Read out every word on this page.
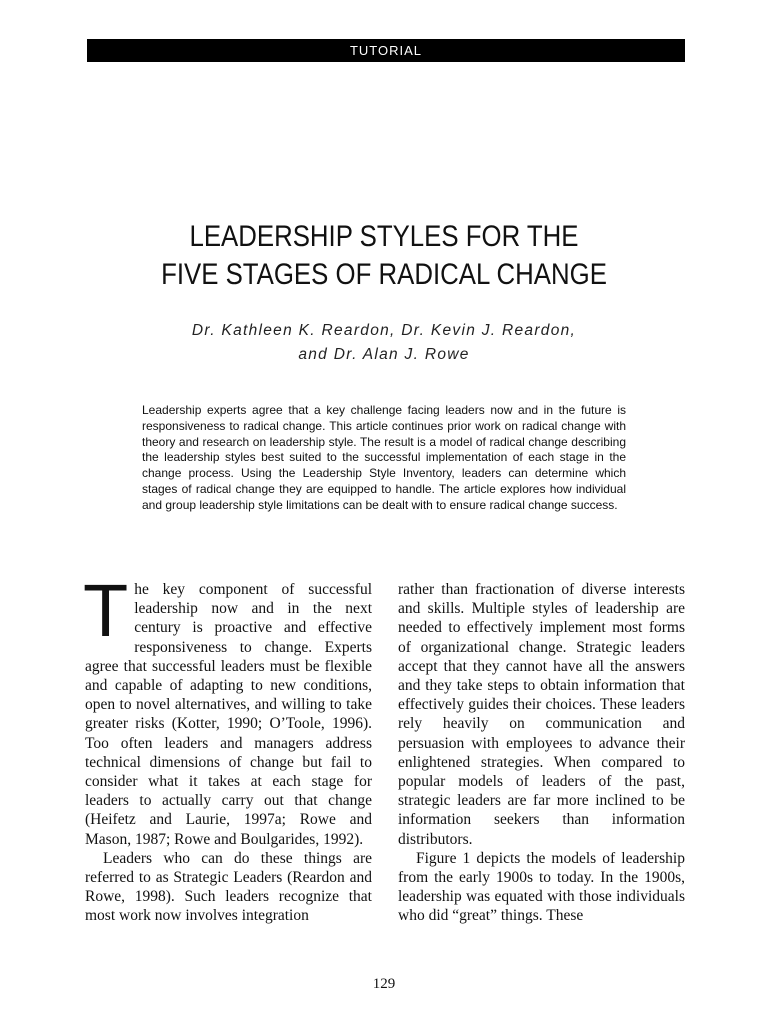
TUTORIAL
LEADERSHIP STYLES FOR THE
FIVE STAGES OF RADICAL CHANGE
Dr. Kathleen K. Reardon, Dr. Kevin J. Reardon,
and Dr. Alan J. Rowe
Leadership experts agree that a key challenge facing leaders now and in the future is responsiveness to radical change. This article continues prior work on radical change with theory and research on leadership style. The result is a model of radical change describing the leadership styles best suited to the successful implementation of each stage in the change process. Using the Leadership Style Inventory, leaders can determine which stages of radical change they are equipped to handle. The article explores how individual and group leadership style limitations can be dealt with to ensure radical change success.

The key component of successful leadership now and in the next century is proactive and effective responsiveness to change. Experts agree that successful leaders must be flexible and capable of adapting to new conditions, open to novel alternatives, and willing to take greater risks (Kotter, 1990; O’Toole, 1996). Too often leaders and managers address technical dimensions of change but fail to consider what it takes at each stage for leaders to actually carry out that change (Heifetz and Laurie, 1997a; Rowe and Mason, 1987; Rowe and Boulgarides, 1992).

Leaders who can do these things are referred to as Strategic Leaders (Reardon and Rowe, 1998). Such leaders recognize that most work now involves integration

rather than fractionation of diverse interests and skills. Multiple styles of leadership are needed to effectively implement most forms of organizational change. Strategic leaders accept that they cannot have all the answers and they take steps to obtain information that effectively guides their choices. These leaders rely heavily on communication and persuasion with employees to advance their enlightened strategies. When compared to popular models of leaders of the past, strategic leaders are far more inclined to be information seekers than information distributors.

Figure 1 depicts the models of leadership from the early 1900s to today. In the 1900s, leadership was equated with those individuals who did “great” things. These

129
